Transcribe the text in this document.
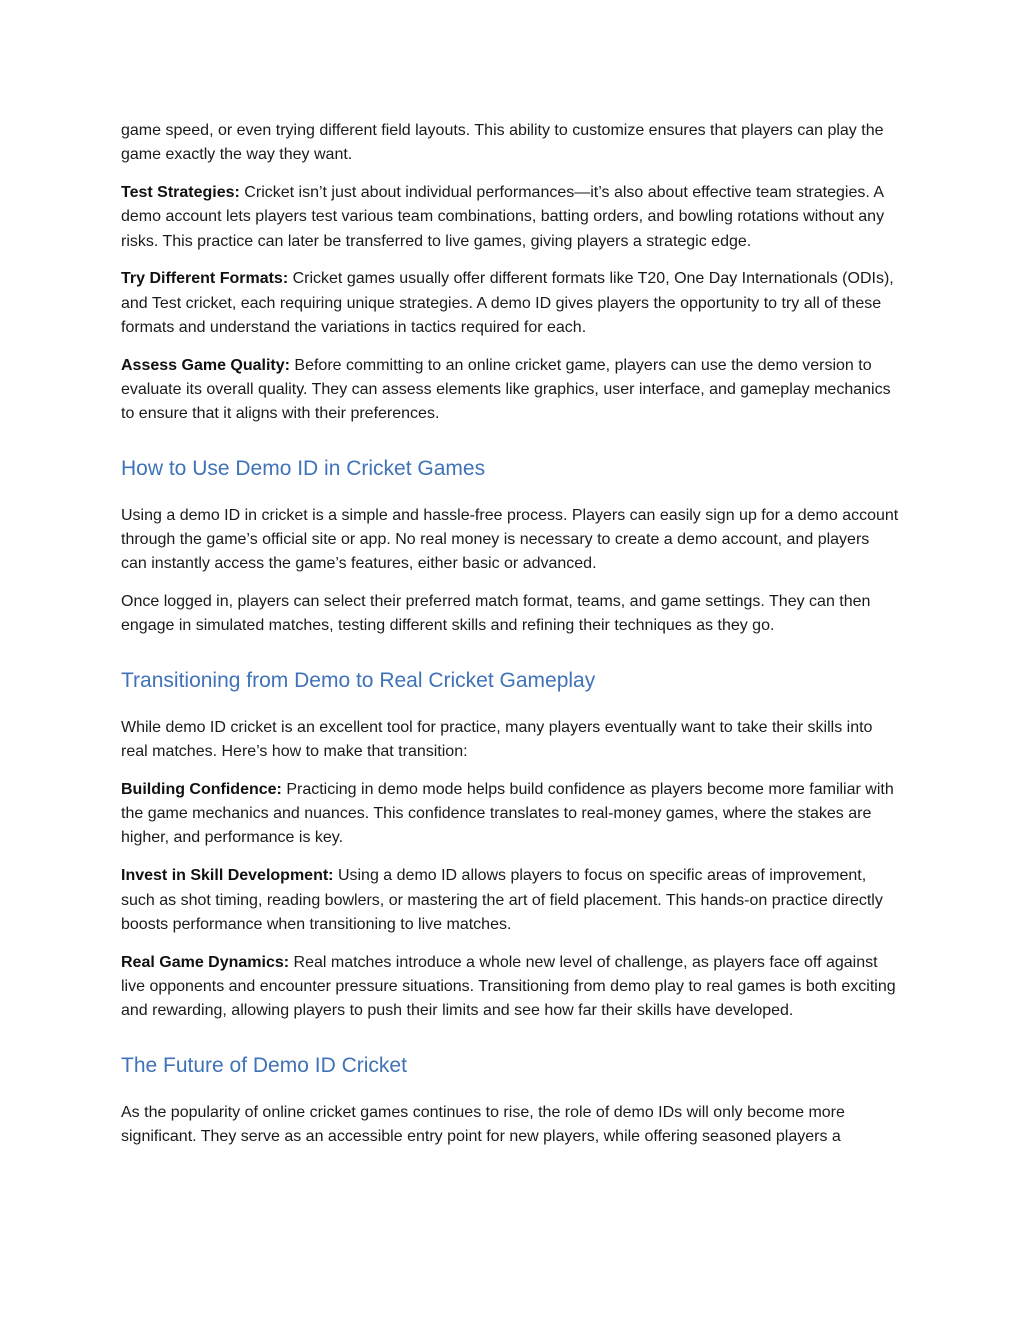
game speed, or even trying different field layouts. This ability to customize ensures that players can play the game exactly the way they want.

Test Strategies: Cricket isn’t just about individual performances—it’s also about effective team strategies. A demo account lets players test various team combinations, batting orders, and bowling rotations without any risks. This practice can later be transferred to live games, giving players a strategic edge.

Try Different Formats: Cricket games usually offer different formats like T20, One Day Internationals (ODIs), and Test cricket, each requiring unique strategies. A demo ID gives players the opportunity to try all of these formats and understand the variations in tactics required for each.

Assess Game Quality: Before committing to an online cricket game, players can use the demo version to evaluate its overall quality. They can assess elements like graphics, user interface, and gameplay mechanics to ensure that it aligns with their preferences.

How to Use Demo ID in Cricket Games

Using a demo ID in cricket is a simple and hassle-free process. Players can easily sign up for a demo account through the game’s official site or app. No real money is necessary to create a demo account, and players can instantly access the game’s features, either basic or advanced.

Once logged in, players can select their preferred match format, teams, and game settings. They can then engage in simulated matches, testing different skills and refining their techniques as they go.

Transitioning from Demo to Real Cricket Gameplay

While demo ID cricket is an excellent tool for practice, many players eventually want to take their skills into real matches. Here’s how to make that transition:

Building Confidence: Practicing in demo mode helps build confidence as players become more familiar with the game mechanics and nuances. This confidence translates to real-money games, where the stakes are higher, and performance is key.

Invest in Skill Development: Using a demo ID allows players to focus on specific areas of improvement, such as shot timing, reading bowlers, or mastering the art of field placement. This hands-on practice directly boosts performance when transitioning to live matches.

Real Game Dynamics: Real matches introduce a whole new level of challenge, as players face off against live opponents and encounter pressure situations. Transitioning from demo play to real games is both exciting and rewarding, allowing players to push their limits and see how far their skills have developed.

The Future of Demo ID Cricket

As the popularity of online cricket games continues to rise, the role of demo IDs will only become more significant. They serve as an accessible entry point for new players, while offering seasoned players a
